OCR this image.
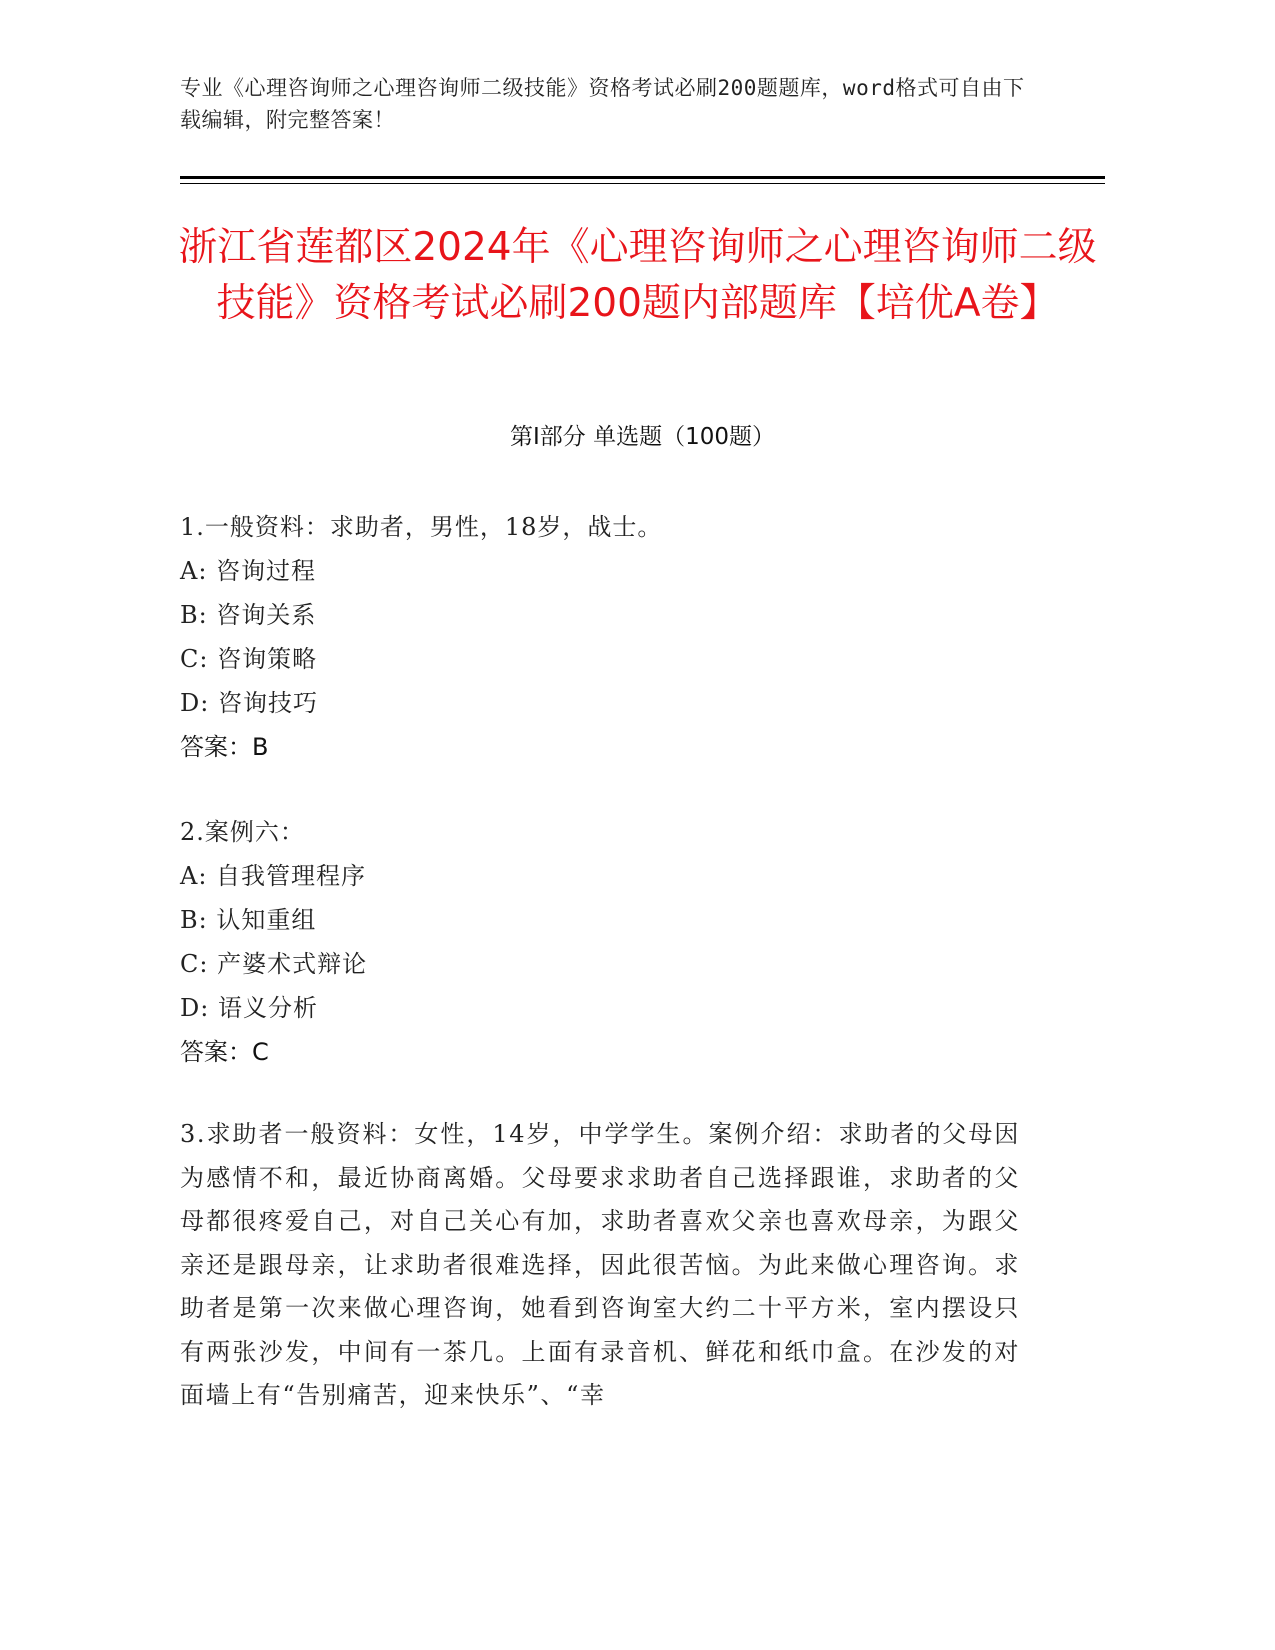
专业《心理咨询师之心理咨询师二级技能》资格考试必刷200题题库，word格式可自由下载编辑，附完整答案！
浙江省莲都区2024年《心理咨询师之心理咨询师二级技能》资格考试必刷200题内部题库【培优A卷】
第Ⅰ部分 单选题（100题）
1.一般资料：求助者，男性，18岁，战士。
A: 咨询过程
B: 咨询关系
C: 咨询策略
D: 咨询技巧
答案：B
2.案例六：
A: 自我管理程序
B: 认知重组
C: 产婆术式辩论
D: 语义分析
答案：C
3.求助者一般资料：女性，14岁，中学学生。案例介绍：求助者的父母因为感情不和，最近协商离婚。父母要求求助者自己选择跟谁，求助者的父母都很疼爱自己，对自己关心有加，求助者喜欢父亲也喜欢母亲，为跟父亲还是跟母亲，让求助者很难选择，因此很苦恼。为此来做心理咨询。求助者是第一次来做心理咨询，她看到咨询室大约二十平方米，室内摆设只有两张沙发，中间有一茶几。上面有录音机、鲜花和纸巾盒。在沙发的对面墙上有“告别痛苦，迎来快乐”、“幸
